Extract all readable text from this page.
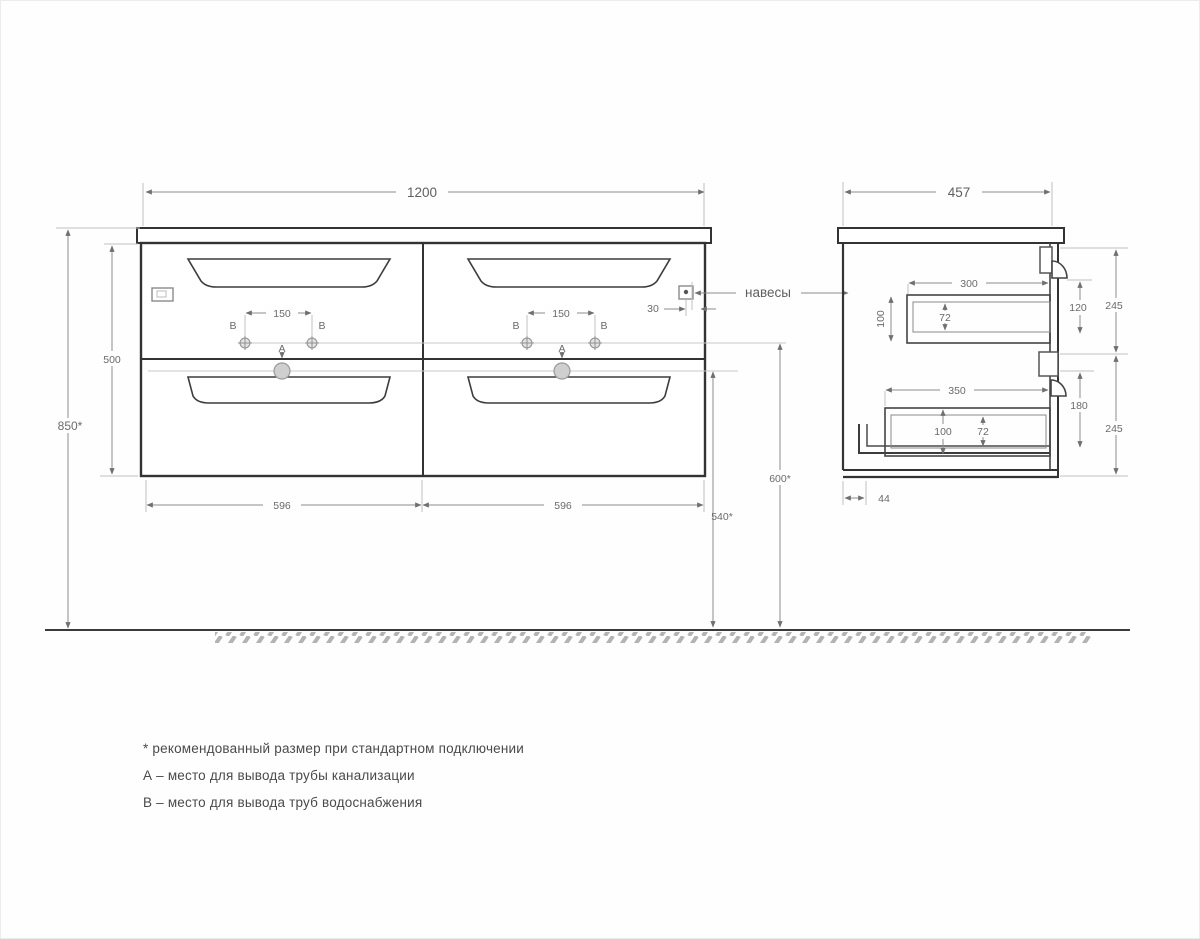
1200
850*
500
596	596
150	150	30
навесы
540*
600*
A	A
B	B	B	B
457
300
100	72
350
100 72
120 245
180
245
44
* рекомендованный размер при стандартном подключении
А – место для вывода трубы канализации
В – место для вывода труб водоснабжения
